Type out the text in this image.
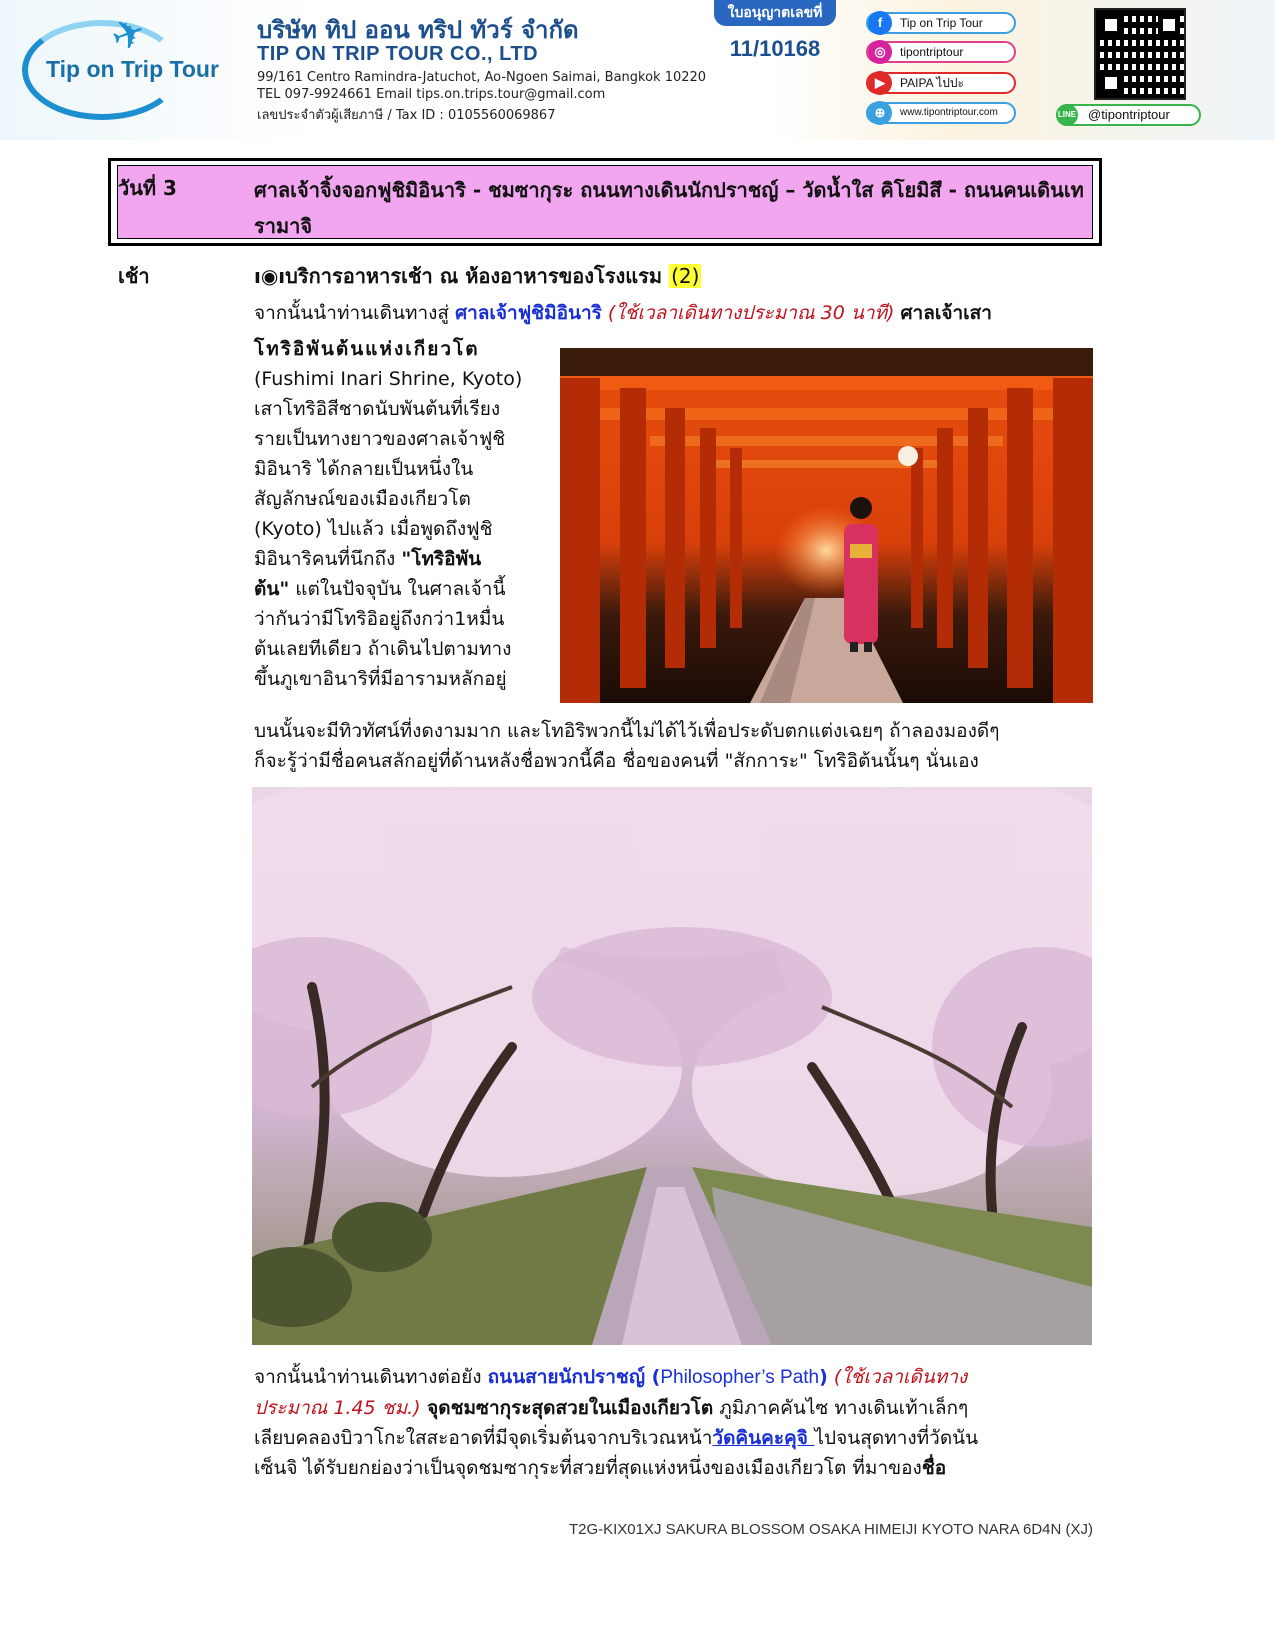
✈
Tip on Trip Tour
บริษัท ทิป ออน ทริป ทัวร์ จำกัด
TIP ON TRIP TOUR CO., LTD
99/161 Centro Ramindra-Jatuchot, Ao-Ngoen Saimai, Bangkok 10220
TEL 097-9924661 Email tips.on.trips.tour@gmail.com
เลขประจำตัวผู้เสียภาษี / Tax ID : 0105560069867
ใบอนุญาตเลขที่
11/10168
f	Tip on Trip Tour
◎	tipontriptour
▶	PAIPA ไปปะ
⊕	www.tipontriptour.com	LINE @tipontriptour
วันที่ 3	ศาลเจ้าจิ้งจอกฟูชิมิอินาริ - ชมซากุระ ถนนทางเดินนักปราชญ์ – วัดน้ำใส คิโยมิสึ - ถนนคนเดินเทรามาจิ
เช้า	ı◉ıบริการอาหารเช้า ณ ห้องอาหารของโรงแรม (2)
จากนั้นนำท่านเดินทางสู่ ศาลเจ้าฟูชิมิอินาริ (ใช้เวลาเดินทางประมาณ 30 นาที) ศาลเจ้าเสา
โทริอิพันต้นแห่งเกียวโต
(Fushimi Inari Shrine, Kyoto)
เสาโทริอิสีชาดนับพันต้นที่เรียง
รายเป็นทางยาวของศาลเจ้าฟูชิ
มิอินาริ ได้กลายเป็นหนึ่งใน
สัญลักษณ์ของเมืองเกียวโต
(Kyoto) ไปแล้ว เมื่อพูดถึงฟูชิ
มิอินาริคนที่นึกถึง "โทริอิพัน
ต้น" แต่ในปัจจุบัน ในศาลเจ้านี้
ว่ากันว่ามีโทริอิอยู่ถึงกว่า1หมื่น
ต้นเลยทีเดียว ถ้าเดินไปตามทาง
ขึ้นภูเขาอินาริที่มีอารามหลักอยู่
บนนั้นจะมีทิวทัศน์ที่งดงามมาก และโทอิริพวกนี้ไม่ได้ไว้เพื่อประดับตกแต่งเฉยๆ ถ้าลองมองดีๆ
ก็จะรู้ว่ามีชื่อคนสลักอยู่ที่ด้านหลังชื่อพวกนี้คือ ชื่อของคนที่ "สักการะ" โทริอิต้นนั้นๆ นั่นเอง
จากนั้นนำท่านเดินทางต่อยัง ถนนสายนักปราชญ์ (Philosopher’s Path) (ใช้เวลาเดินทาง
ประมาณ 1.45 ชม.) จุดชมซากุระสุดสวยในเมืองเกียวโต ภูมิภาคคันไซ ทางเดินเท้าเล็กๆ
เลียบคลองบิวาโกะใสสะอาดที่มีจุดเริ่มต้นจากบริเวณหน้าวัดคินคะคุจิ ไปจนสุดทางที่วัดนัน
เซ็นจิ ได้รับยกย่องว่าเป็นจุดชมซากุระที่สวยที่สุดแห่งหนึ่งของเมืองเกียวโต ที่มาของชื่อ
T2G-KIX01XJ SAKURA BLOSSOM OSAKA HIMEIJI KYOTO NARA 6D4N (XJ)
